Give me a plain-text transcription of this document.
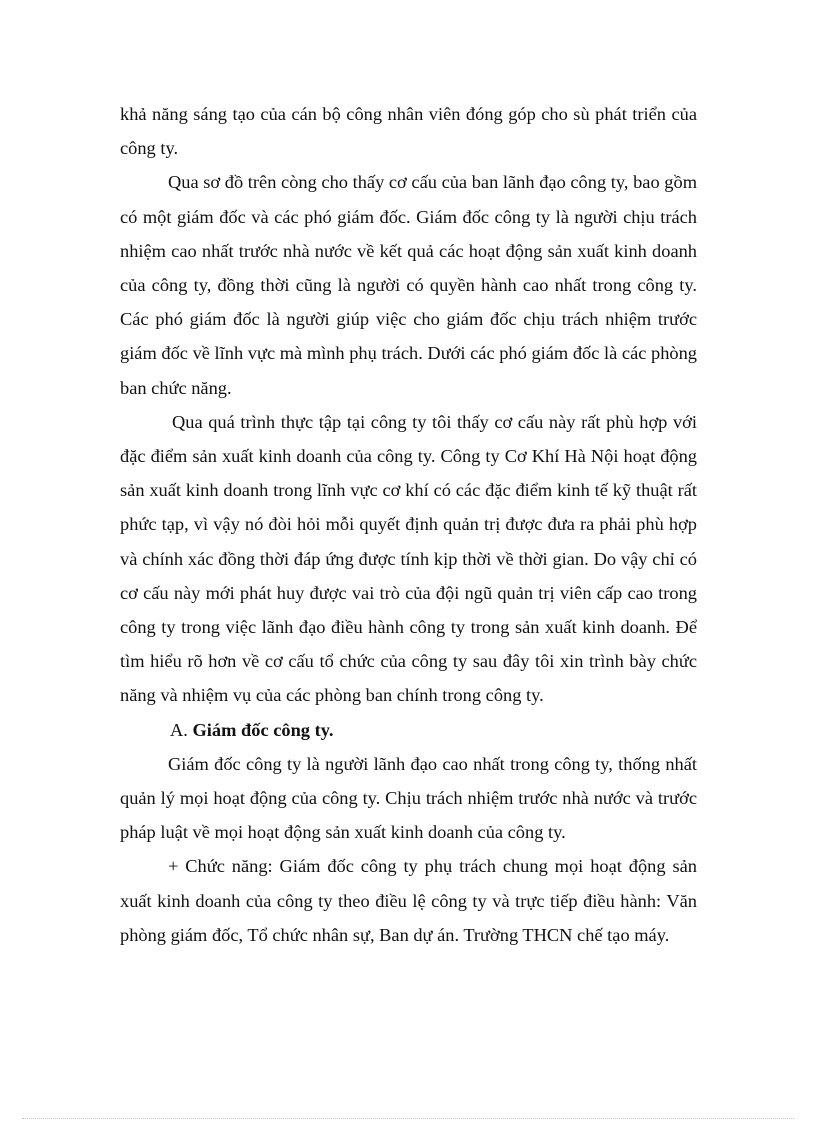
khả năng sáng tạo của cán bộ công nhân viên đóng góp cho sù phát triển của công ty.

Qua sơ đồ trên còng cho thấy cơ cấu của ban lãnh đạo công ty, bao gồm có một giám đốc và các phó giám đốc. Giám đốc công ty là người chịu trách nhiệm cao nhất trước nhà nước về kết quả các hoạt động sản xuất kinh doanh của công ty, đồng thời cũng là người có quyền hành cao nhất trong công ty. Các phó giám đốc là người giúp việc cho giám đốc chịu trách nhiệm trước giám đốc về lĩnh vực mà mình phụ trách. Dưới các phó giám đốc là các phòng ban chức năng.

Qua quá trình thực tập tại công ty tôi thấy cơ cấu này rất phù hợp với đặc điểm sản xuất kinh doanh của công ty. Công ty Cơ Khí Hà Nội hoạt động sản xuất kinh doanh trong lĩnh vực cơ khí có các đặc điểm kinh tế kỹ thuật rất phức tạp, vì vậy nó đòi hỏi mỗi quyết định quản trị được đưa ra phải phù hợp và chính xác đồng thời đáp ứng được tính kịp thời về thời gian. Do vậy chỉ có cơ cấu này mới phát huy được vai trò của đội ngũ quản trị viên cấp cao trong công ty trong việc lãnh đạo điều hành công ty trong sản xuất kinh doanh. Để tìm hiểu rõ hơn về cơ cấu tổ chức của công ty sau đây tôi xin trình bày chức năng và nhiệm vụ của các phòng ban chính trong công ty.

A. Giám đốc công ty.

Giám đốc công ty là người lãnh đạo cao nhất trong công ty, thống nhất quản lý mọi hoạt động của công ty. Chịu trách nhiệm trước nhà nước và trước pháp luật về mọi hoạt động sản xuất kinh doanh của công ty.

+ Chức năng: Giám đốc công ty phụ trách chung mọi hoạt động sản xuất kinh doanh của công ty theo điều lệ công ty và trực tiếp điều hành: Văn phòng giám đốc, Tổ chức nhân sự, Ban dự án. Trường THCN chế tạo máy.
